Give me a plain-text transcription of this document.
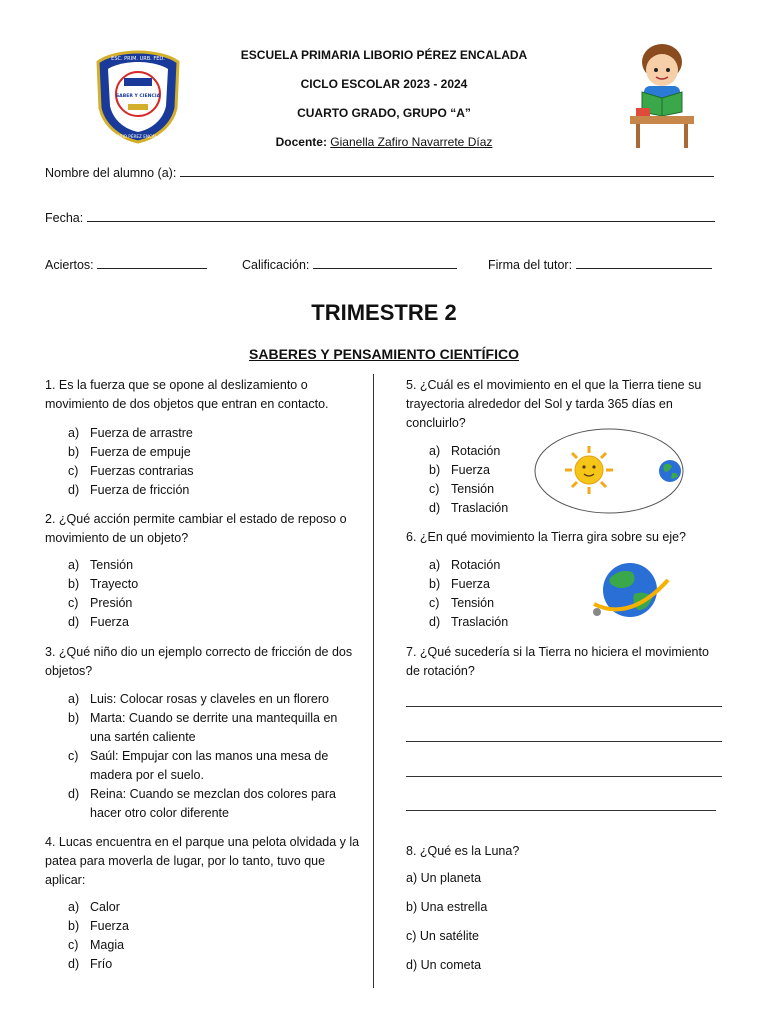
ESC. PRIM. URB. FED.
SABER Y CIENCIA
LIBORIO PÉREZ ENCALADA
ESCUELA PRIMARIA LIBORIO PÉREZ ENCALADA
CICLO ESCOLAR 2023 - 2024
CUARTO GRADO, GRUPO “A”
Docente: Gianella Zafiro Navarrete Díaz
Nombre del alumno (a):
Fecha:
Aciertos:	Calificación:	Firma del tutor:
TRIMESTRE 2
SABERES Y PENSAMIENTO CIENTÍFICO
1. Es la fuerza que se opone al deslizamiento o
movimiento de dos objetos que entran en contacto.
a) Fuerza de arrastre
b) Fuerza de empuje
c) Fuerzas contrarias
d) Fuerza de fricción
2. ¿Qué acción permite cambiar el estado de reposo o
movimiento de un objeto?
a) Tensión
b) Trayecto
c) Presión
d) Fuerza
3. ¿Qué niño dio un ejemplo correcto de fricción de dos
objetos?
a) Luis: Colocar rosas y claveles en un florero
b) Marta: Cuando se derrite una mantequilla en
una sartén caliente
c) Saúl: Empujar con las manos una mesa de
madera por el suelo.
d) Reina: Cuando se mezclan dos colores para
hacer otro color diferente
4. Lucas encuentra en el parque una pelota olvidada y la
patea para moverla de lugar, por lo tanto, tuvo que
aplicar:
a) Calor
b) Fuerza
c) Magia
d) Frío
5. ¿Cuál es el movimiento en el que la Tierra tiene su
trayectoria alrededor del Sol y tarda 365 días en
concluirlo?
a) Rotación
b) Fuerza
c) Tensión
d) Traslación
6. ¿En qué movimiento la Tierra gira sobre su eje?
a) Rotación
b) Fuerza
c) Tensión
d) Traslación
7. ¿Qué sucedería si la Tierra no hiciera el movimiento
de rotación?
8. ¿Qué es la Luna?
a) Un planeta
b) Una estrella
c) Un satélite
d) Un cometa
